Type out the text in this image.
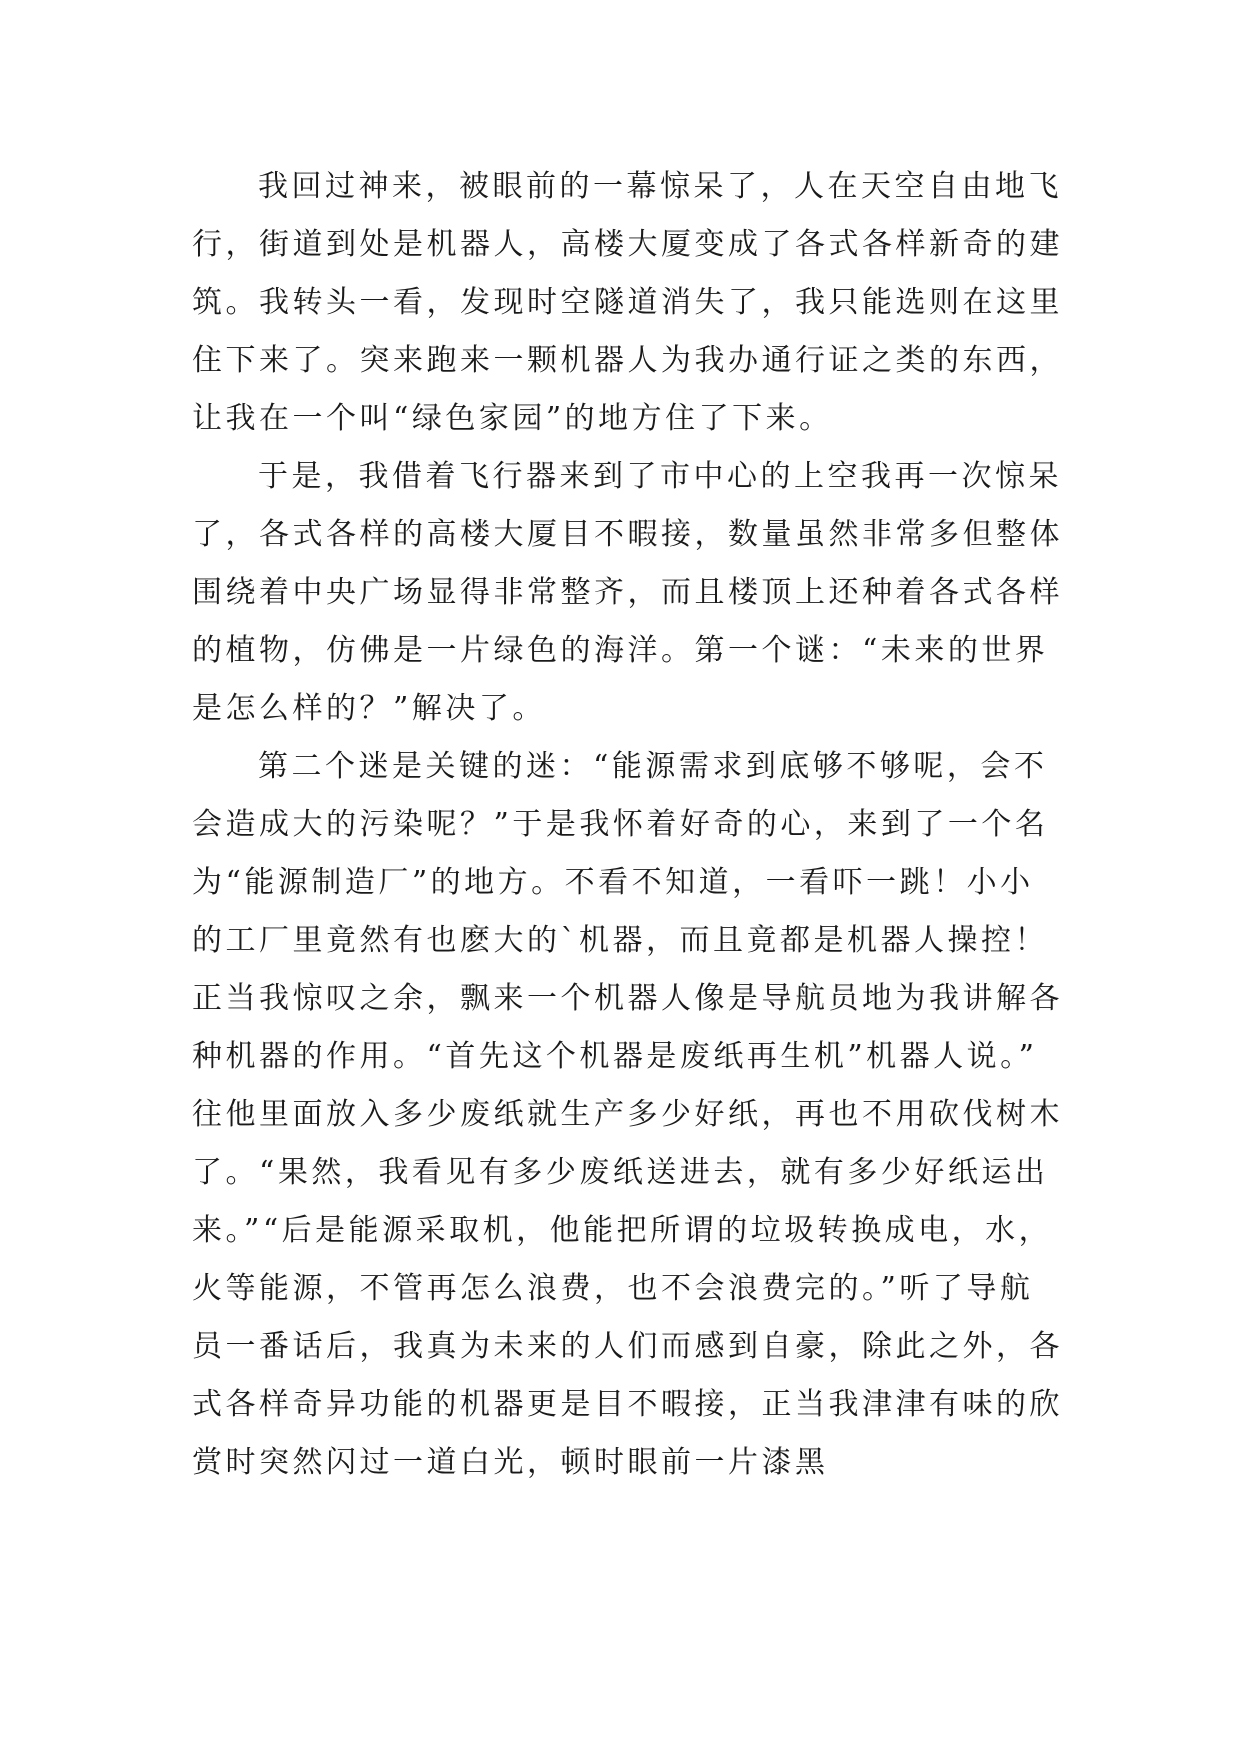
我回过神来，被眼前的一幕惊呆了，人在天空自由地飞
行，街道到处是机器人，高楼大厦变成了各式各样新奇的建
筑。我转头一看，发现时空隧道消失了，我只能选则在这里
住下来了。突来跑来一颗机器人为我办通行证之类的东西，
让我在一个叫“绿色家园”的地方住了下来。
于是，我借着飞行器来到了市中心的上空我再一次惊呆
了，各式各样的高楼大厦目不暇接，数量虽然非常多但整体
围绕着中央广场显得非常整齐，而且楼顶上还种着各式各样
的植物，仿佛是一片绿色的海洋。第一个谜：“未来的世界
是怎么样的？”解决了。
第二个迷是关键的迷：“能源需求到底够不够呢，会不
会造成大的污染呢？”于是我怀着好奇的心，来到了一个名
为“能源制造厂”的地方。不看不知道，一看吓一跳！小小
的工厂里竟然有也麽大的`机器，而且竟都是机器人操控！
正当我惊叹之余，飘来一个机器人像是导航员地为我讲解各
种机器的作用。“首先这个机器是废纸再生机”机器人说。”
往他里面放入多少废纸就生产多少好纸，再也不用砍伐树木
了。“果然，我看见有多少废纸送进去，就有多少好纸运出
来。”“后是能源采取机，他能把所谓的垃圾转换成电，水，
火等能源，不管再怎么浪费，也不会浪费完的。”听了导航
员一番话后，我真为未来的人们而感到自豪，除此之外，各
式各样奇异功能的机器更是目不暇接，正当我津津有味的欣
赏时突然闪过一道白光，顿时眼前一片漆黑
